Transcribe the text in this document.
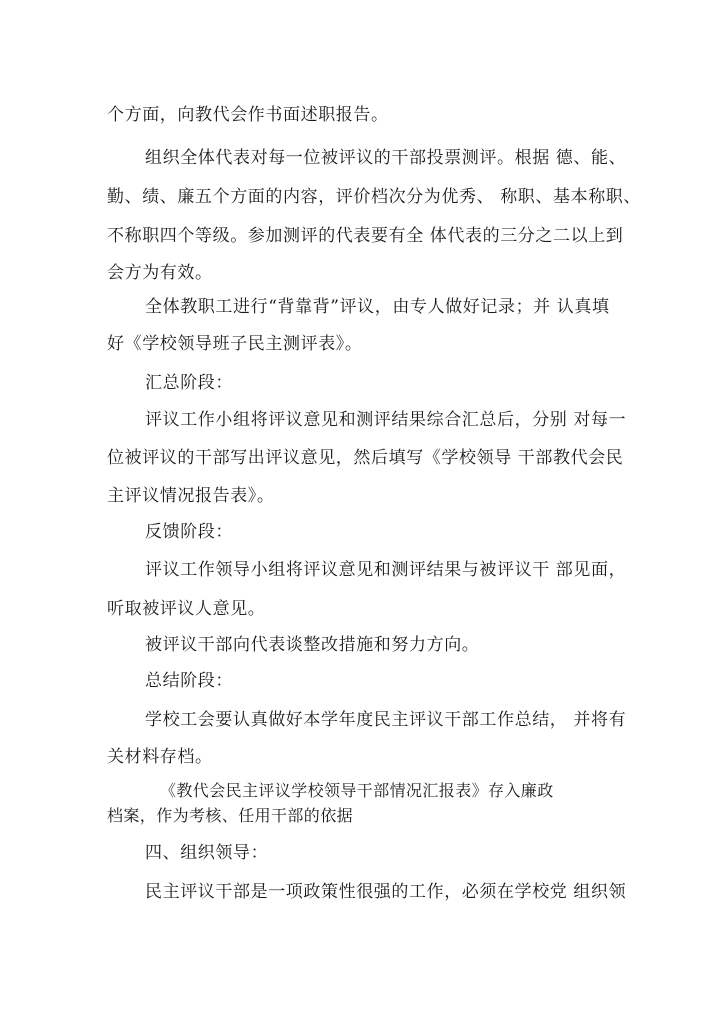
个方面，向教代会作书面述职报告。
组织全体代表对每一位被评议的干部投票测评。根据 德、能、
勤、绩、廉五个方面的内容，评价档次分为优秀、 称职、基本称职、
不称职四个等级。参加测评的代表要有全 体代表的三分之二以上到
会方为有效。
全体教职工进行“背靠背”评议，由专人做好记录；并 认真填
好《学校领导班子民主测评表》。
汇总阶段：
评议工作小组将评议意见和测评结果综合汇总后，分别 对每一
位被评议的干部写出评议意见，然后填写《学校领导 干部教代会民
主评议情况报告表》。
反馈阶段：
评议工作领导小组将评议意见和测评结果与被评议干 部见面，
听取被评议人意见。
被评议干部向代表谈整改措施和努力方向。
总结阶段：
学校工会要认真做好本学年度民主评议干部工作总结， 并将有
关材料存档。
《教代会民主评议学校领导干部情况汇报表》存入廉政
档案，作为考核、任用干部的依据
四、组织领导：
民主评议干部是一项政策性很强的工作，必须在学校党 组织领
